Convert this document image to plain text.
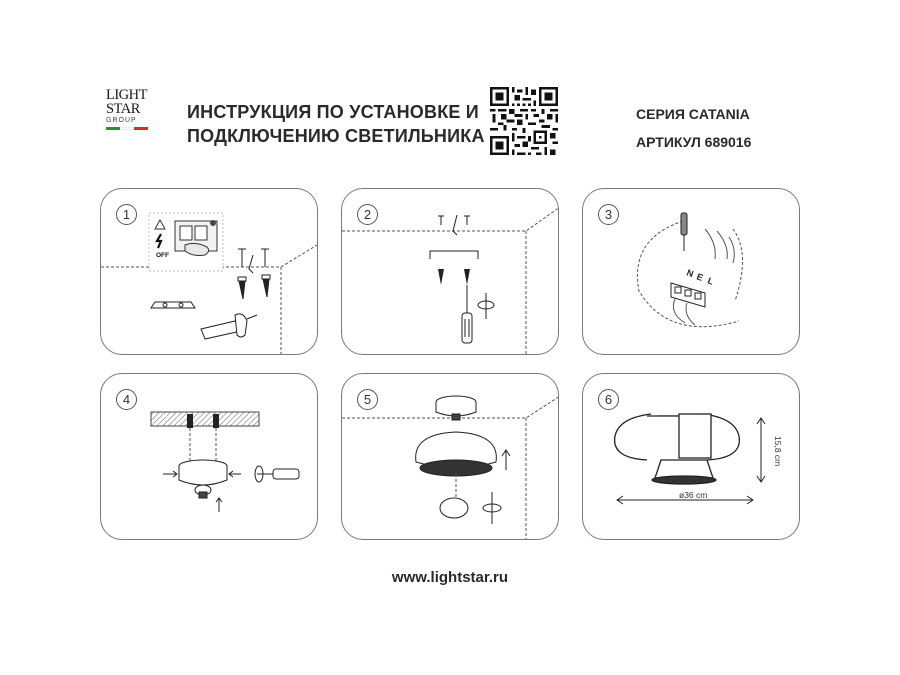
LIGHT
STAR
GROUP	ИНСТРУКЦИЯ ПО УСТАНОВКЕ И
ПОДКЛЮЧЕНИЮ СВЕТИЛЬНИКА
СЕРИЯ CATANIA
АРТИКУЛ 689016
1
OFF
2	3
N E L
4	5	6
ø36 cm
15,8 cm
www.lightstar.ru
